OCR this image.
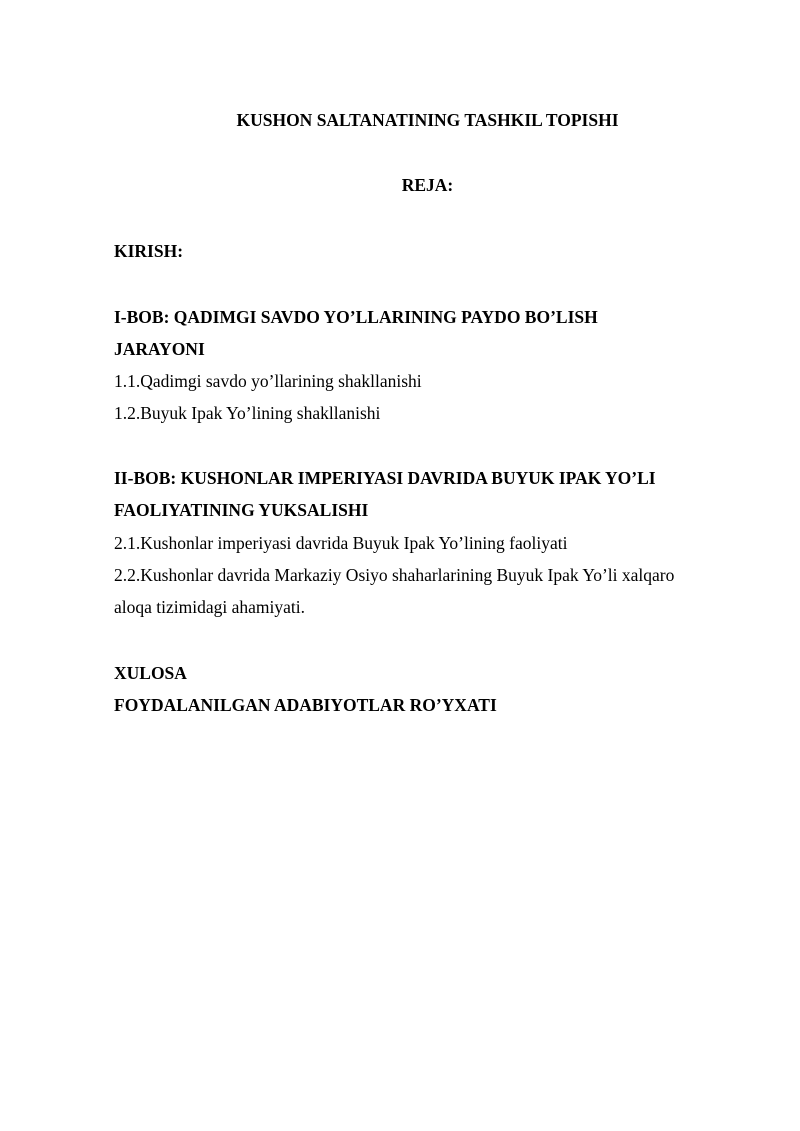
KUSHON SALTANATINING TASHKIL TOPISHI
REJA:
KIRISH:
I-BOB: QADIMGI SAVDO YO’LLARINING PAYDO BO’LISH
JARAYONI
1.1.Qadimgi savdo yo’llarining shakllanishi
1.2.Buyuk Ipak Yo’lining shakllanishi
II-BOB: KUSHONLAR IMPERIYASI DAVRIDA BUYUK IPAK YO’LI
FAOLIYATINING YUKSALISHI
2.1.Kushonlar imperiyasi davrida Buyuk Ipak Yo’lining faoliyati
2.2.Kushonlar davrida Markaziy Osiyo shaharlarining Buyuk Ipak Yo’li xalqaro
aloqa tizimidagi ahamiyati.
XULOSA
FOYDALANILGAN ADABIYOTLAR RO’YXATI
